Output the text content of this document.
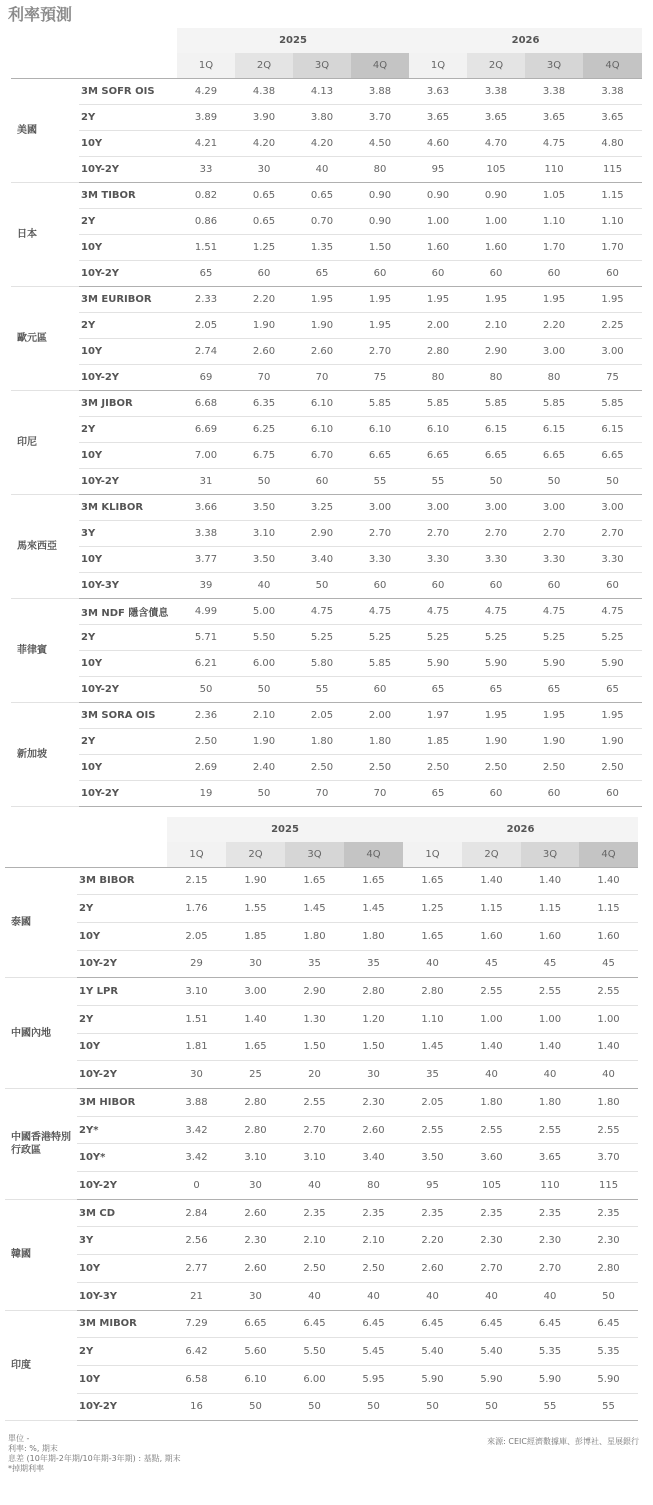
利率預測
		2025				2026			
		1Q	2Q	3Q	4Q	1Q	2Q	3Q	4Q
美國	3M SOFR OIS	4.29	4.38	4.13	3.88	3.63	3.38	3.38	3.38
	2Y	3.89	3.90	3.80	3.70	3.65	3.65	3.65	3.65
	10Y	4.21	4.20	4.20	4.50	4.60	4.70	4.75	4.80
	10Y-2Y	33	30	40	80	95	105	110	115
日本	3M TIBOR	0.82	0.65	0.65	0.90	0.90	0.90	1.05	1.15
	2Y	0.86	0.65	0.70	0.90	1.00	1.00	1.10	1.10
	10Y	1.51	1.25	1.35	1.50	1.60	1.60	1.70	1.70
	10Y-2Y	65	60	65	60	60	60	60	60
歐元區	3M EURIBOR	2.33	2.20	1.95	1.95	1.95	1.95	1.95	1.95
	2Y	2.05	1.90	1.90	1.95	2.00	2.10	2.20	2.25
	10Y	2.74	2.60	2.60	2.70	2.80	2.90	3.00	3.00
	10Y-2Y	69	70	70	75	80	80	80	75
印尼	3M JIBOR	6.68	6.35	6.10	5.85	5.85	5.85	5.85	5.85
	2Y	6.69	6.25	6.10	6.10	6.10	6.15	6.15	6.15
	10Y	7.00	6.75	6.70	6.65	6.65	6.65	6.65	6.65
	10Y-2Y	31	50	60	55	55	50	50	50
馬來西亞	3M KLIBOR	3.66	3.50	3.25	3.00	3.00	3.00	3.00	3.00
	3Y	3.38	3.10	2.90	2.70	2.70	2.70	2.70	2.70
	10Y	3.77	3.50	3.40	3.30	3.30	3.30	3.30	3.30
	10Y-3Y	39	40	50	60	60	60	60	60
菲律賓	3M NDF 隱含債息	4.99	5.00	4.75	4.75	4.75	4.75	4.75	4.75
	2Y	5.71	5.50	5.25	5.25	5.25	5.25	5.25	5.25
	10Y	6.21	6.00	5.80	5.85	5.90	5.90	5.90	5.90
	10Y-2Y	50	50	55	60	65	65	65	65
新加坡	3M SORA OIS	2.36	2.10	2.05	2.00	1.97	1.95	1.95	1.95
	2Y	2.50	1.90	1.80	1.80	1.85	1.90	1.90	1.90
	10Y	2.69	2.40	2.50	2.50	2.50	2.50	2.50	2.50
	10Y-2Y	19	50	70	70	65	60	60	60
		2025				2026			
		1Q	2Q	3Q	4Q	1Q	2Q	3Q	4Q
泰國	3M BIBOR	2.15	1.90	1.65	1.65	1.65	1.40	1.40	1.40
	2Y	1.76	1.55	1.45	1.45	1.25	1.15	1.15	1.15
	10Y	2.05	1.85	1.80	1.80	1.65	1.60	1.60	1.60
	10Y-2Y	29	30	35	35	40	45	45	45
中國內地	1Y LPR	3.10	3.00	2.90	2.80	2.80	2.55	2.55	2.55
	2Y	1.51	1.40	1.30	1.20	1.10	1.00	1.00	1.00
	10Y	1.81	1.65	1.50	1.50	1.45	1.40	1.40	1.40
	10Y-2Y	30	25	20	30	35	40	40	40
中國香港特別行政區	3M HIBOR	3.88	2.80	2.55	2.30	2.05	1.80	1.80	1.80
	2Y*	3.42	2.80	2.70	2.60	2.55	2.55	2.55	2.55
	10Y*	3.42	3.10	3.10	3.40	3.50	3.60	3.65	3.70
	10Y-2Y	0	30	40	80	95	105	110	115
韓國	3M CD	2.84	2.60	2.35	2.35	2.35	2.35	2.35	2.35
	3Y	2.56	2.30	2.10	2.10	2.20	2.30	2.30	2.30
	10Y	2.77	2.60	2.50	2.50	2.60	2.70	2.70	2.80
	10Y-3Y	21	30	40	40	40	40	40	50
印度	3M MIBOR	7.29	6.65	6.45	6.45	6.45	6.45	6.45	6.45
	2Y	6.42	5.60	5.50	5.45	5.40	5.40	5.35	5.35
	10Y	6.58	6.10	6.00	5.95	5.90	5.90	5.90	5.90
	10Y-2Y	16	50	50	50	50	50	55	55
單位 -
利率: %, 期末
息差 (10年期-2年期/10年期-3年期) : 基點, 期末
*掉期利率
來源: CEIC經濟數據庫、彭博社、星展銀行
